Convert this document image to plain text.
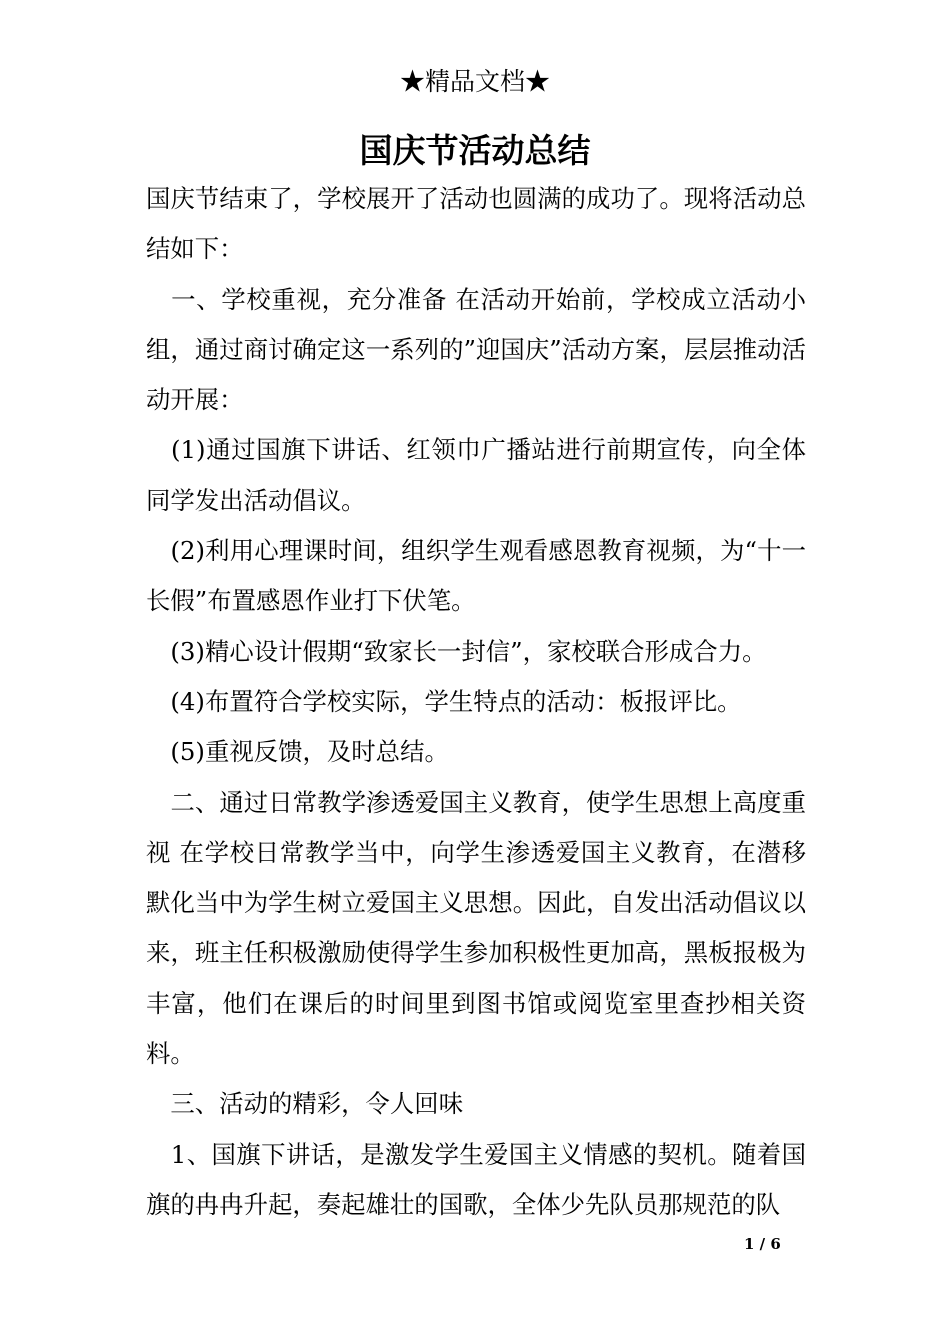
★精品文档★
国庆节活动总结

国庆节结束了，学校展开了活动也圆满的成功了。现将活动总结如下：

　一、学校重视，充分准备 在活动开始前，学校成立活动小组，通过商讨确定这一系列的”迎国庆”活动方案，层层推动活动开展：

　(1)通过国旗下讲话、红领巾广播站进行前期宣传，向全体同学发出活动倡议。

　(2)利用心理课时间，组织学生观看感恩教育视频，为“十一长假”布置感恩作业打下伏笔。

　(3)精心设计假期“致家长一封信”，家校联合形成合力。

　(4)布置符合学校实际，学生特点的活动：板报评比。

　(5)重视反馈，及时总结。

　二、通过日常教学渗透爱国主义教育，使学生思想上高度重视 在学校日常教学当中，向学生渗透爱国主义教育，在潜移默化当中为学生树立爱国主义思想。因此，自发出活动倡议以来，班主任积极激励使得学生参加积极性更加高，黑板报极为丰富，他们在课后的时间里到图书馆或阅览室里查抄相关资料。

　三、活动的精彩，令人回味

　1、国旗下讲话，是激发学生爱国主义情感的契机。随着国旗的冉冉升起，奏起雄壮的国歌，全体少先队员那规范的队

1 / 6
